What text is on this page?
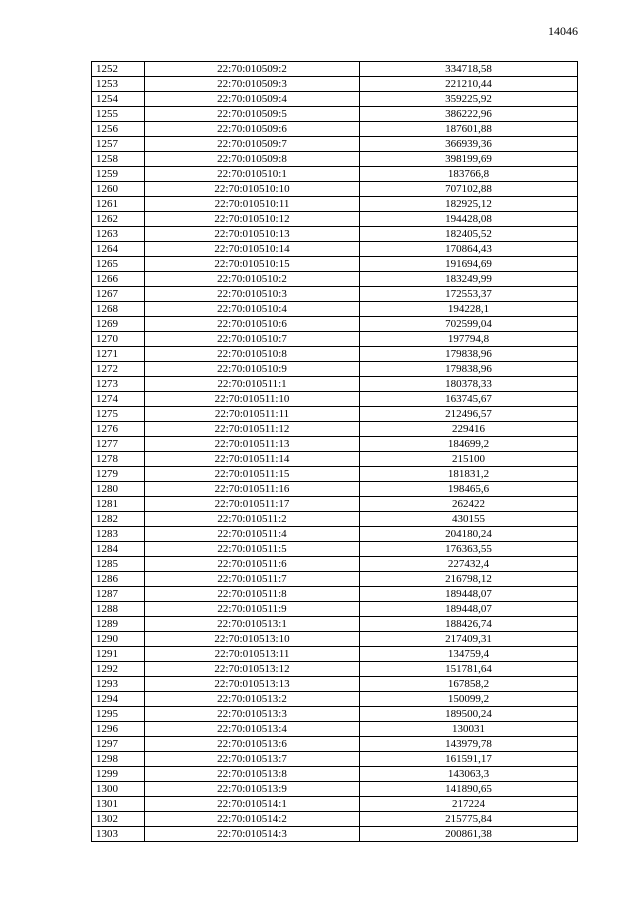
14046
1252	22:70:010509:2	334718,58
1253	22:70:010509:3	221210,44
1254	22:70:010509:4	359225,92
1255	22:70:010509:5	386222,96
1256	22:70:010509:6	187601,88
1257	22:70:010509:7	366939,36
1258	22:70:010509:8	398199,69
1259	22:70:010510:1	183766,8
1260	22:70:010510:10	707102,88
1261	22:70:010510:11	182925,12
1262	22:70:010510:12	194428,08
1263	22:70:010510:13	182405,52
1264	22:70:010510:14	170864,43
1265	22:70:010510:15	191694,69
1266	22:70:010510:2	183249,99
1267	22:70:010510:3	172553,37
1268	22:70:010510:4	194228,1
1269	22:70:010510:6	702599,04
1270	22:70:010510:7	197794,8
1271	22:70:010510:8	179838,96
1272	22:70:010510:9	179838,96
1273	22:70:010511:1	180378,33
1274	22:70:010511:10	163745,67
1275	22:70:010511:11	212496,57
1276	22:70:010511:12	229416
1277	22:70:010511:13	184699,2
1278	22:70:010511:14	215100
1279	22:70:010511:15	181831,2
1280	22:70:010511:16	198465,6
1281	22:70:010511:17	262422
1282	22:70:010511:2	430155
1283	22:70:010511:4	204180,24
1284	22:70:010511:5	176363,55
1285	22:70:010511:6	227432,4
1286	22:70:010511:7	216798,12
1287	22:70:010511:8	189448,07
1288	22:70:010511:9	189448,07
1289	22:70:010513:1	188426,74
1290	22:70:010513:10	217409,31
1291	22:70:010513:11	134759,4
1292	22:70:010513:12	151781,64
1293	22:70:010513:13	167858,2
1294	22:70:010513:2	150099,2
1295	22:70:010513:3	189500,24
1296	22:70:010513:4	130031
1297	22:70:010513:6	143979,78
1298	22:70:010513:7	161591,17
1299	22:70:010513:8	143063,3
1300	22:70:010513:9	141890,65
1301	22:70:010514:1	217224
1302	22:70:010514:2	215775,84
1303	22:70:010514:3	200861,38
